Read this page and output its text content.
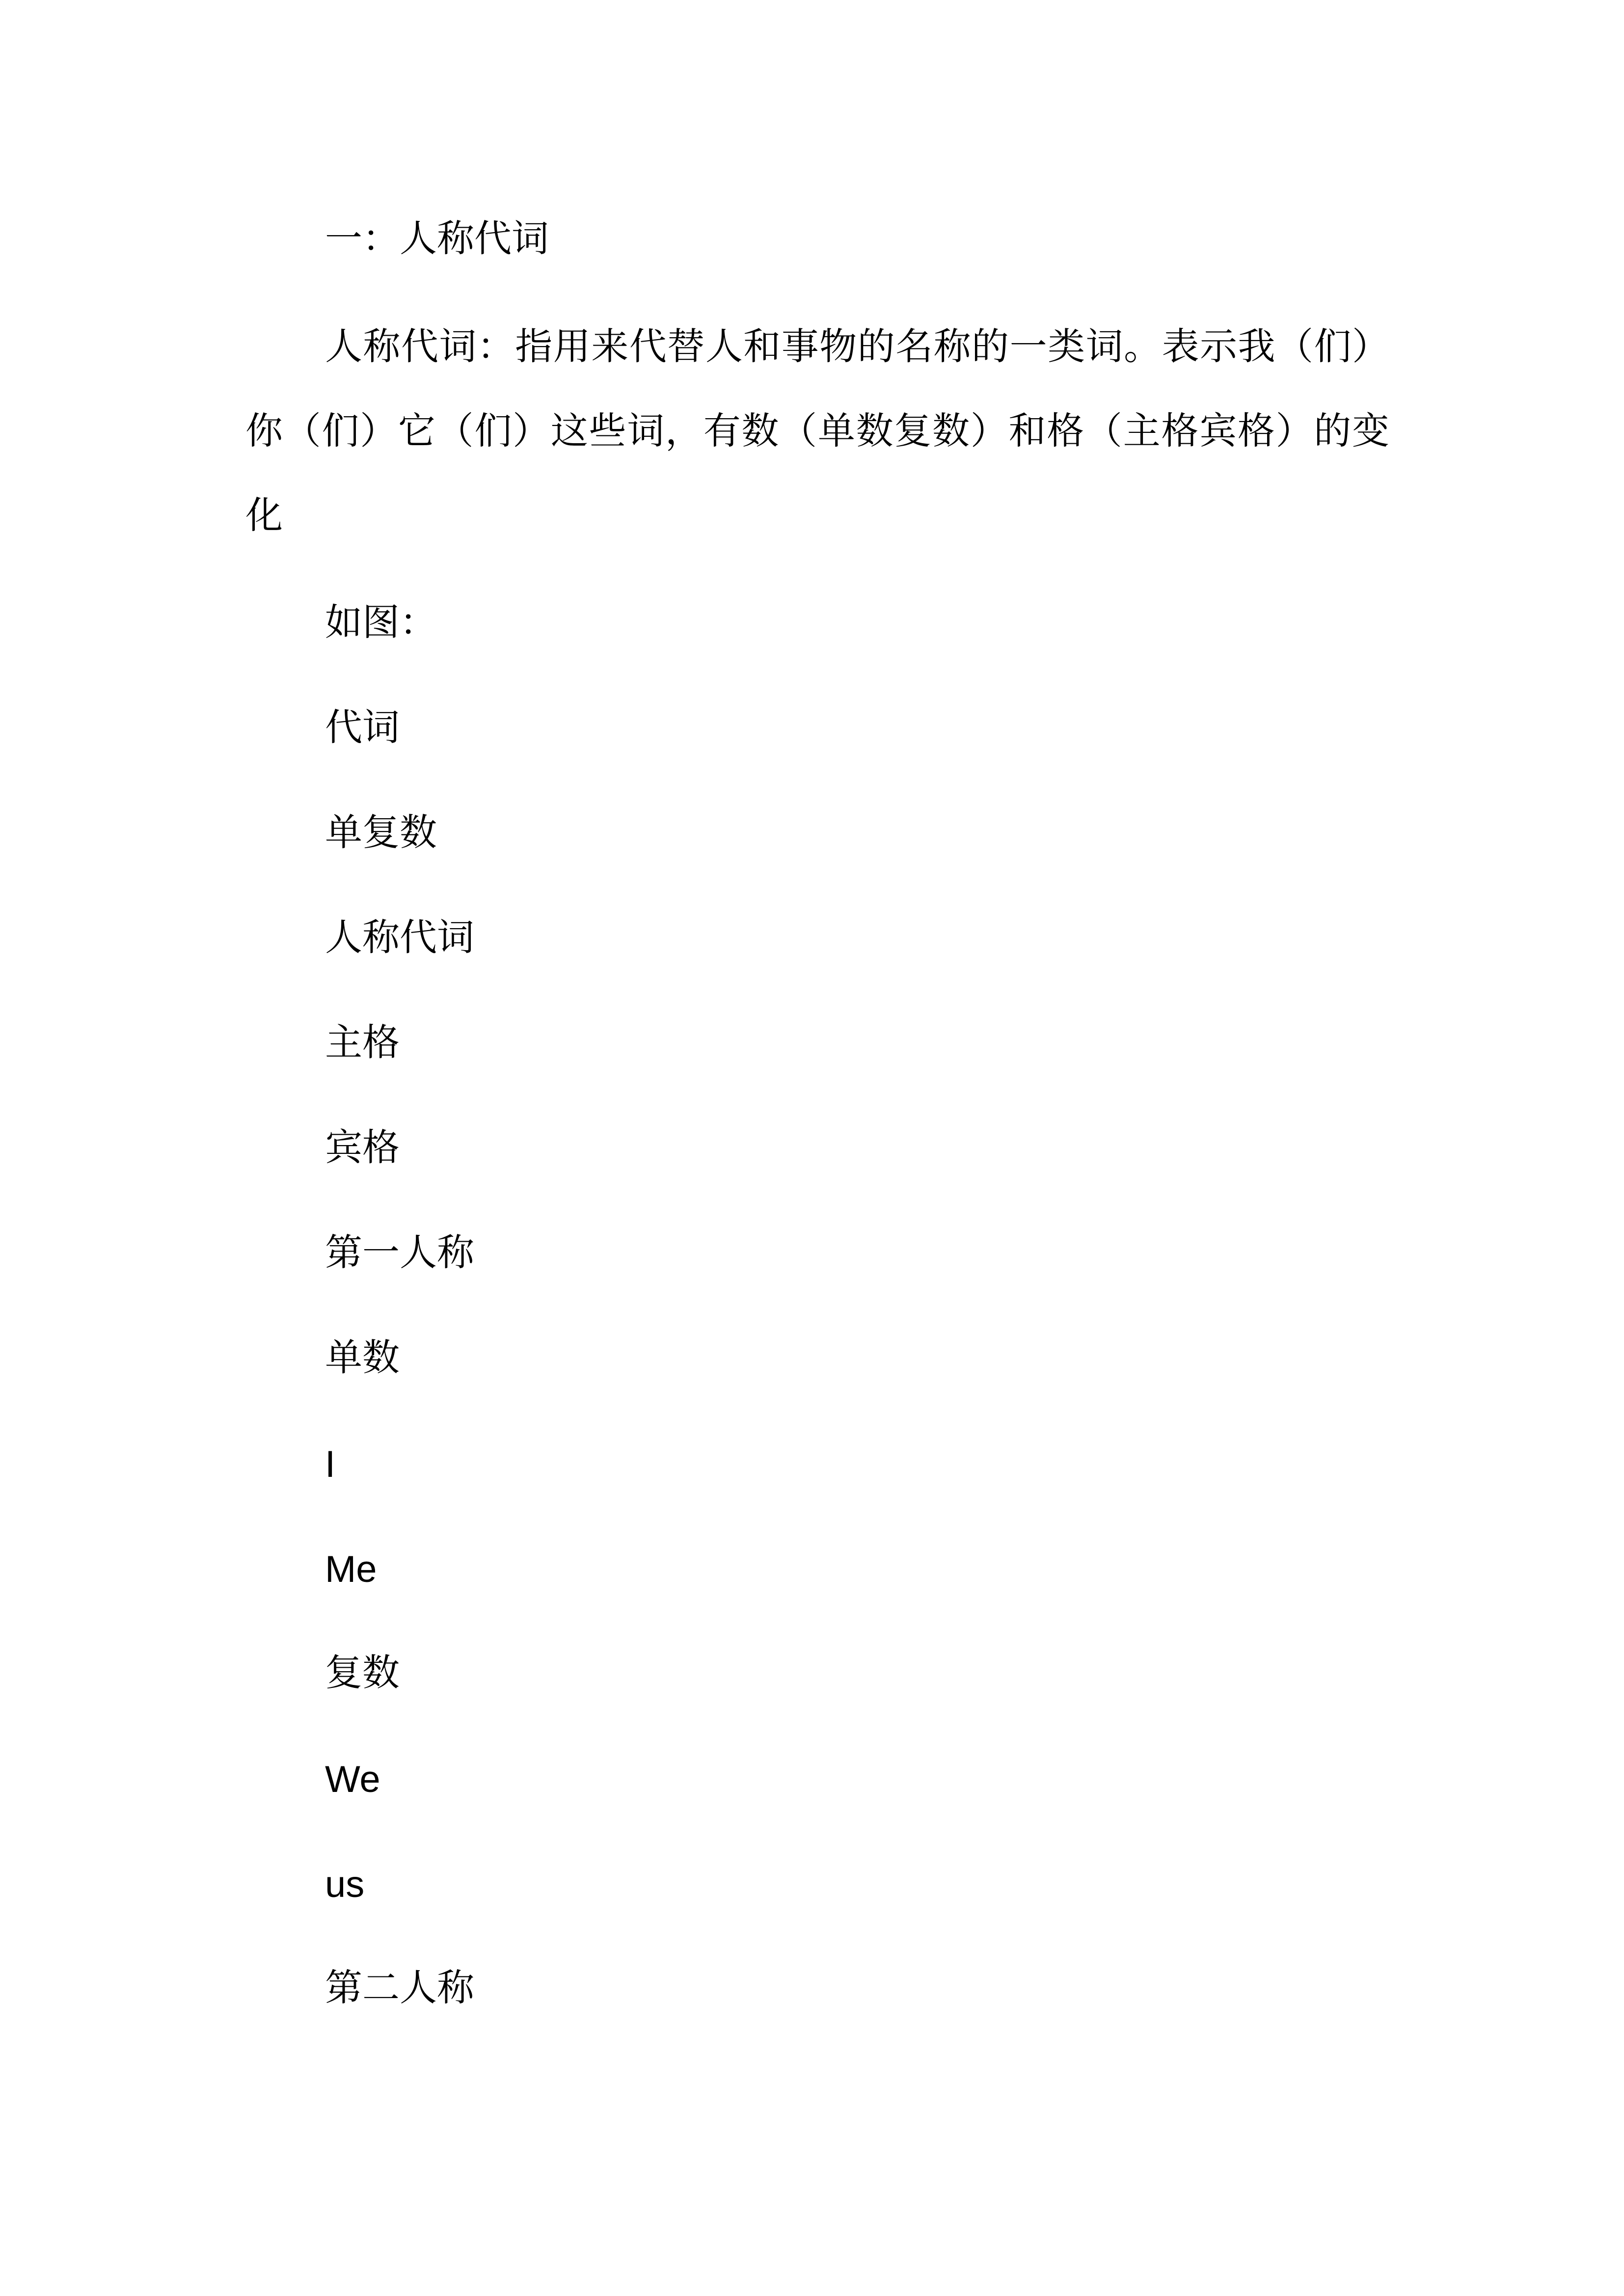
一：人称代词
人称代词：指用来代替人和事物的名称的一类词。表示我（们）你（们）它（们）这些词，有数（单数复数）和格（主格宾格）的变化
如图：
代词
单复数
人称代词
主格
宾格
第一人称
单数
I
Me
复数
We
us
第二人称
